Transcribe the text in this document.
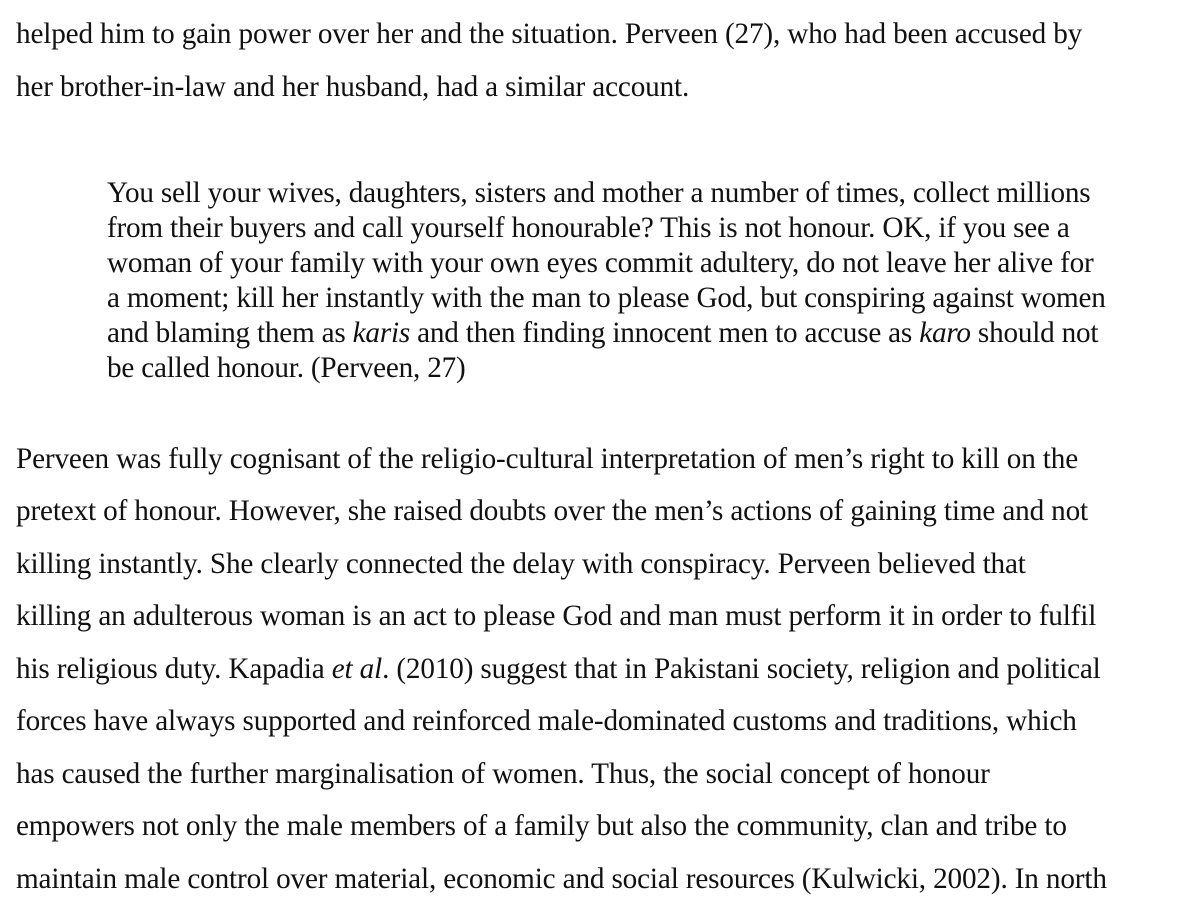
helped him to gain power over her and the situation. Perveen (27), who had been accused by
her brother-in-law and her husband, had a similar account.
You sell your wives, daughters, sisters and mother a number of times, collect millions
from their buyers and call yourself honourable? This is not honour. OK, if you see a
woman of your family with your own eyes commit adultery, do not leave her alive for
a moment; kill her instantly with the man to please God, but conspiring against women
and blaming them as karis and then finding innocent men to accuse as karo should not
be called honour. (Perveen, 27)
Perveen was fully cognisant of the religio-cultural interpretation of men’s right to kill on the
pretext of honour. However, she raised doubts over the men’s actions of gaining time and not
killing instantly. She clearly connected the delay with conspiracy. Perveen believed that
killing an adulterous woman is an act to please God and man must perform it in order to fulfil
his religious duty. Kapadia et al. (2010) suggest that in Pakistani society, religion and political
forces have always supported and reinforced male-dominated customs and traditions, which
has caused the further marginalisation of women. Thus, the social concept of honour
empowers not only the male members of a family but also the community, clan and tribe to
maintain male control over material, economic and social resources (Kulwicki, 2002). In north
